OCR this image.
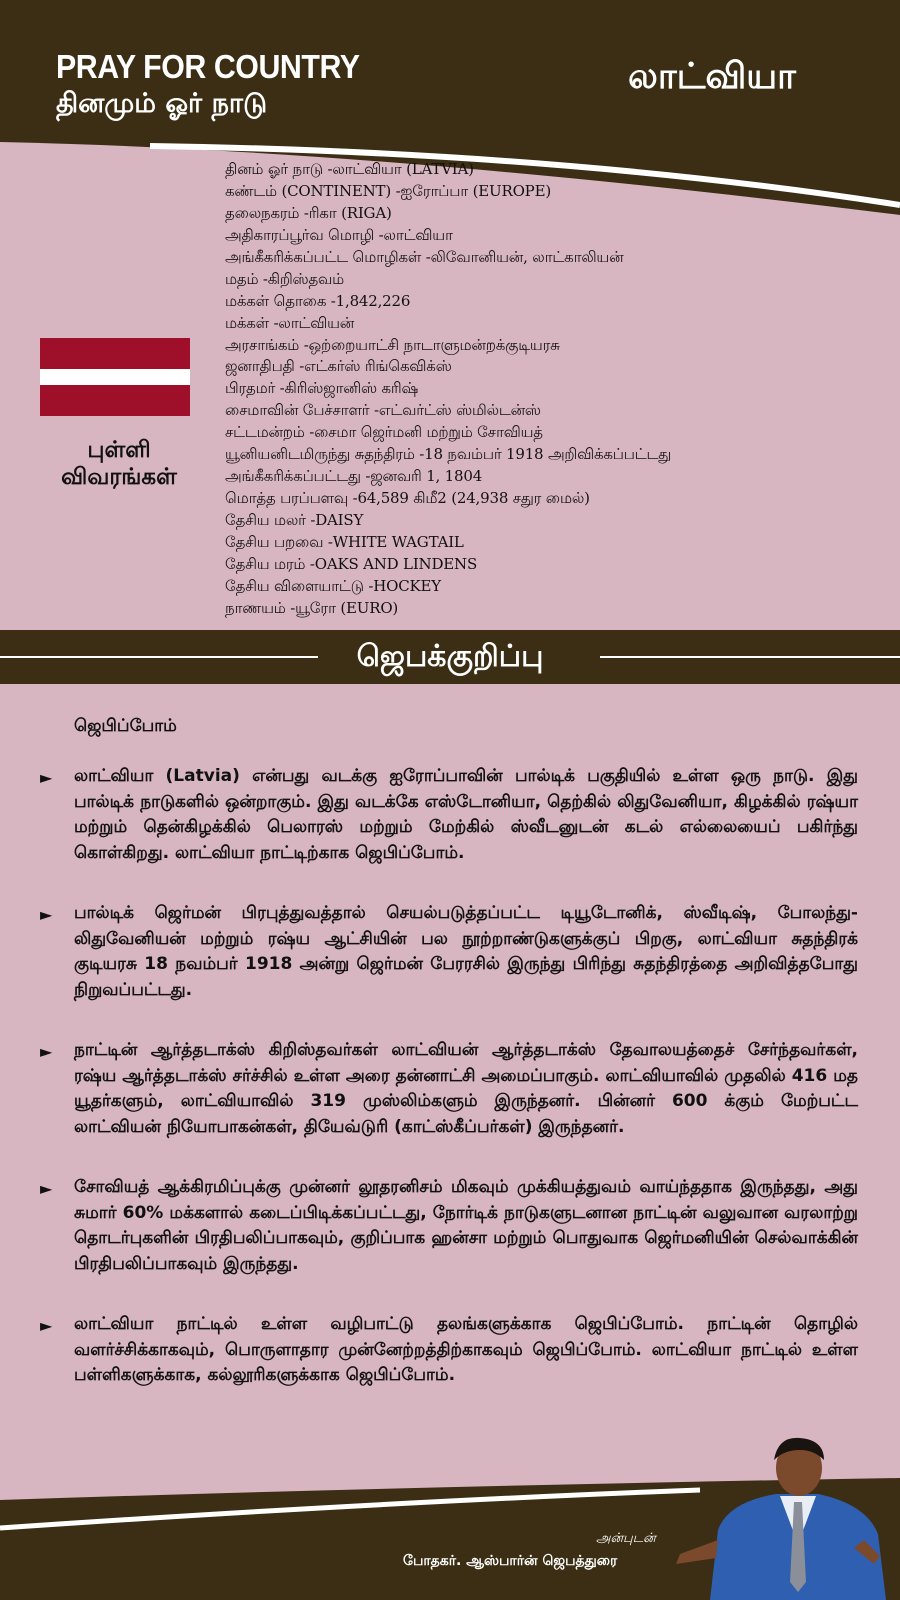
PRAY FOR COUNTRY
தினமும் ஓர் நாடு
லாட்வியா
புள்ளி
விவரங்கள்
தினம் ஓர் நாடு -லாட்வியா (LATVIA)
கண்டம் (CONTINENT) -ஐரோப்பா (EUROPE)
தலைநகரம் -ரிகா (RIGA)
அதிகாரப்பூர்வ மொழி -லாட்வியா
அங்கீகரிக்கப்பட்ட மொழிகள் -லிவோனியன், லாட்காலியன்
மதம் -கிறிஸ்தவம்
மக்கள் தொகை -1,842,226
மக்கள் -லாட்வியன்
அரசாங்கம் -ஒற்றையாட்சி நாடாளுமன்றக்குடியரசு
ஜனாதிபதி -எட்கர்ஸ் ரிங்கெவிக்ஸ்
பிரதமர் -கிரிஸ்ஜானிஸ் கரிஷ்
சைமாவின் பேச்சாளர் -எட்வர்ட்ஸ் ஸ்மில்டன்ஸ்
சட்டமன்றம் -சைமா ஜெர்மனி மற்றும் சோவியத்
யூனியனிடமிருந்து சுதந்திரம் -18 நவம்பர் 1918 அறிவிக்கப்பட்டது
அங்கீகரிக்கப்பட்டது -ஜனவரி 1, 1804
மொத்த பரப்பளவு -64,589 கிமீ2 (24,938 சதுர மைல்)
தேசிய மலர் -DAISY
தேசிய பறவை -WHITE WAGTAIL
தேசிய மரம் -OAKS AND LINDENS
தேசிய விளையாட்டு -HOCKEY
நாணயம் -யூரோ (EURO)
ஜெபக்குறிப்பு
ஜெபிப்போம்
► லாட்வியா (Latvia) என்பது வடக்கு ஐரோப்பாவின் பால்டிக் பகுதியில் உள்ள ஒரு நாடு. இது பால்டிக் நாடுகளில் ஒன்றாகும். இது வடக்கே எஸ்டோனியா, தெற்கில் லிதுவேனியா, கிழக்கில் ரஷ்யா மற்றும் தென்கிழக்கில் பெலாரஸ் மற்றும் மேற்கில் ஸ்வீடனுடன் கடல் எல்லையைப் பகிர்ந்து கொள்கிறது. லாட்வியா நாட்டிற்காக ஜெபிப்போம்.
► பால்டிக் ஜெர்மன் பிரபுத்துவத்தால் செயல்படுத்தப்பட்ட டியூடோனிக், ஸ்வீடிஷ், போலந்து-லிதுவேனியன் மற்றும் ரஷ்ய ஆட்சியின் பல நூற்றாண்டுகளுக்குப் பிறகு, லாட்வியா சுதந்திரக் குடியரசு 18 நவம்பர் 1918 அன்று ஜெர்மன் பேரரசில் இருந்து பிரிந்து சுதந்திரத்தை அறிவித்தபோது நிறுவப்பட்டது.
► நாட்டின் ஆர்த்தடாக்ஸ் கிறிஸ்தவர்கள் லாட்வியன் ஆர்த்தடாக்ஸ் தேவாலயத்தைச் சேர்ந்தவர்கள், ரஷ்ய ஆர்த்தடாக்ஸ் சர்ச்சில் உள்ள அரை தன்னாட்சி அமைப்பாகும். லாட்வியாவில் முதலில் 416 மத யூதர்களும், லாட்வியாவில் 319 முஸ்லிம்களும் இருந்தனர். பின்னர் 600 க்கும் மேற்பட்ட லாட்வியன் நியோபாகன்கள், தியேவ்டுரி (காட்ஸ்கீப்பர்கள்) இருந்தனர்.
► சோவியத் ஆக்கிரமிப்புக்கு முன்னர் லூதரனிசம் மிகவும் முக்கியத்துவம் வாய்ந்ததாக இருந்தது, அது சுமார் 60% மக்களால் கடைப்பிடிக்கப்பட்டது, நோர்டிக் நாடுகளுடனான நாட்டின் வலுவான வரலாற்று தொடர்புகளின் பிரதிபலிப்பாகவும், குறிப்பாக ஹன்சா மற்றும் பொதுவாக ஜெர்மனியின் செல்வாக்கின் பிரதிபலிப்பாகவும் இருந்தது.
► லாட்வியா நாட்டில் உள்ள வழிபாட்டு தலங்களுக்காக ஜெபிப்போம். நாட்டின் தொழில் வளர்ச்சிக்காகவும், பொருளாதார முன்னேற்றத்திற்காகவும் ஜெபிப்போம். லாட்வியா நாட்டில் உள்ள பள்ளிகளுக்காக, கல்லூரிகளுக்காக ஜெபிப்போம்.
அன்புடன்
போதகர். ஆஸ்பார்ன் ஜெபத்துரை
